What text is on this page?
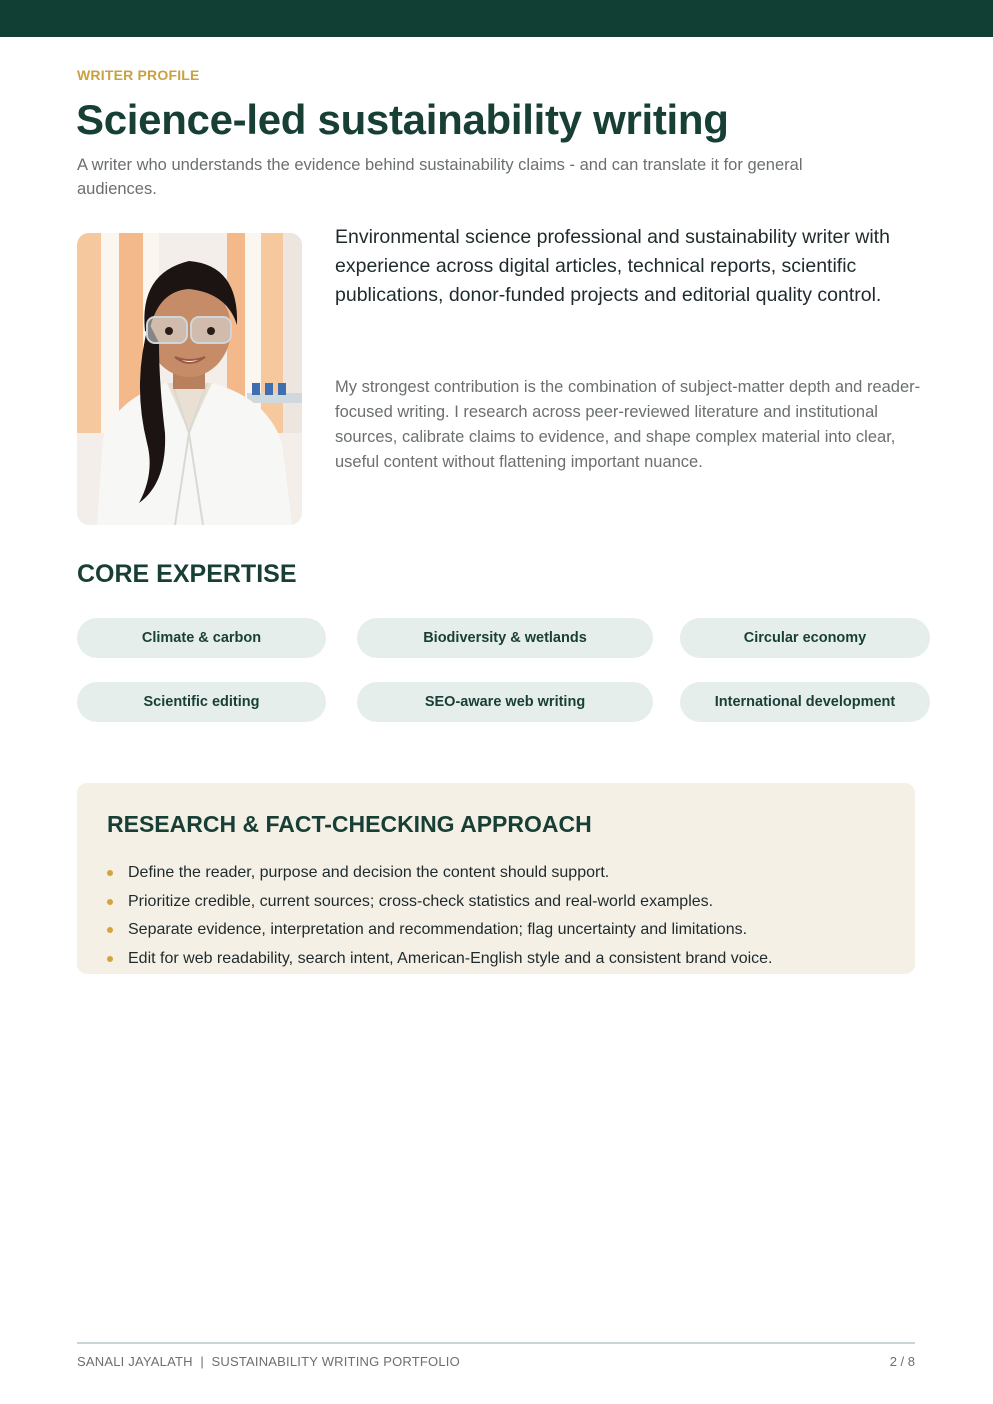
WRITER PROFILE
Science-led sustainability writing

A writer who understands the evidence behind sustainability claims - and can translate it for general audiences.

Environmental science professional and sustainability writer with experience across digital articles, technical reports, scientific publications, donor-funded projects and editorial quality control.

My strongest contribution is the combination of subject-matter depth and reader-focused writing. I research across peer-reviewed literature and institutional sources, calibrate claims to evidence, and shape complex material into clear, useful content without flattening important nuance.

CORE EXPERTISE
Climate & carbon	Biodiversity & wetlands	Circular economy
Scientific editing	SEO-aware web writing	International development
RESEARCH & FACT-CHECKING APPROACH
Define the reader, purpose and decision the content should support.
Prioritize credible, current sources; cross-check statistics and real-world examples.
Separate evidence, interpretation and recommendation; flag uncertainty and limitations.
Edit for web readability, search intent, American-English style and a consistent brand voice.
SANALI JAYALATH  |  SUSTAINABILITY WRITING PORTFOLIO	2 / 8
